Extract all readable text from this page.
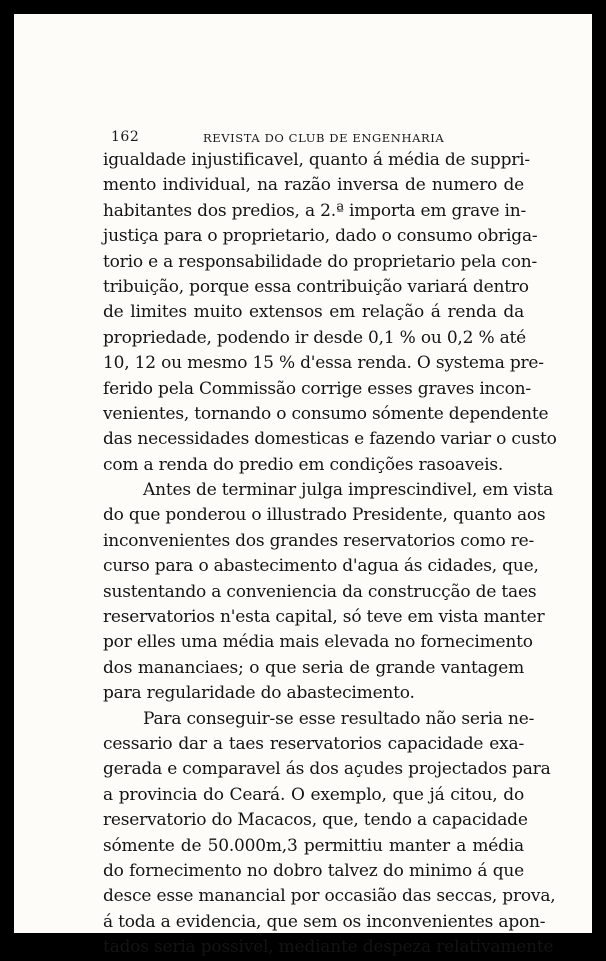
162	REVISTA DO CLUB DE ENGENHARIA
igualdade injustificavel, quanto á média de suppri-
mento individual, na razão inversa de numero de
habitantes dos predios, a 2.ª importa em grave in-
justiça para o proprietario, dado o consumo obriga-
torio e a responsabilidade do proprietario pela con-
tribuição, porque essa contribuição variará dentro
de limites muito extensos em relação á renda da
propriedade, podendo ir desde 0,1 % ou 0,2 % até
10, 12 ou mesmo 15 % d'essa renda. O systema pre-
ferido pela Commissão corrige esses graves incon-
venientes, tornando o consumo sómente dependente
das necessidades domesticas e fazendo variar o custo
com a renda do predio em condições rasoaveis.
Antes de terminar julga imprescindivel, em vista
do que ponderou o illustrado Presidente, quanto aos
inconvenientes dos grandes reservatorios como re-
curso para o abastecimento d'agua ás cidades, que,
sustentando a conveniencia da construcção de taes
reservatorios n'esta capital, só teve em vista manter
por elles uma média mais elevada no fornecimento
dos mananciaes; o que seria de grande vantagem
para regularidade do abastecimento.
Para conseguir-se esse resultado não seria ne-
cessario dar a taes reservatorios capacidade exa-
gerada e comparavel ás dos açudes projectados para
a provincia do Ceará. O exemplo, que já citou, do
reservatorio do Macacos, que, tendo a capacidade
sómente de 50.000m,3 permittiu manter a média
do fornecimento no dobro talvez do minimo á que
desce esse manancial por occasião das seccas, prova,
á toda a evidencia, que sem os inconvenientes apon-
tados seria possivel, mediante despeza relativamente
